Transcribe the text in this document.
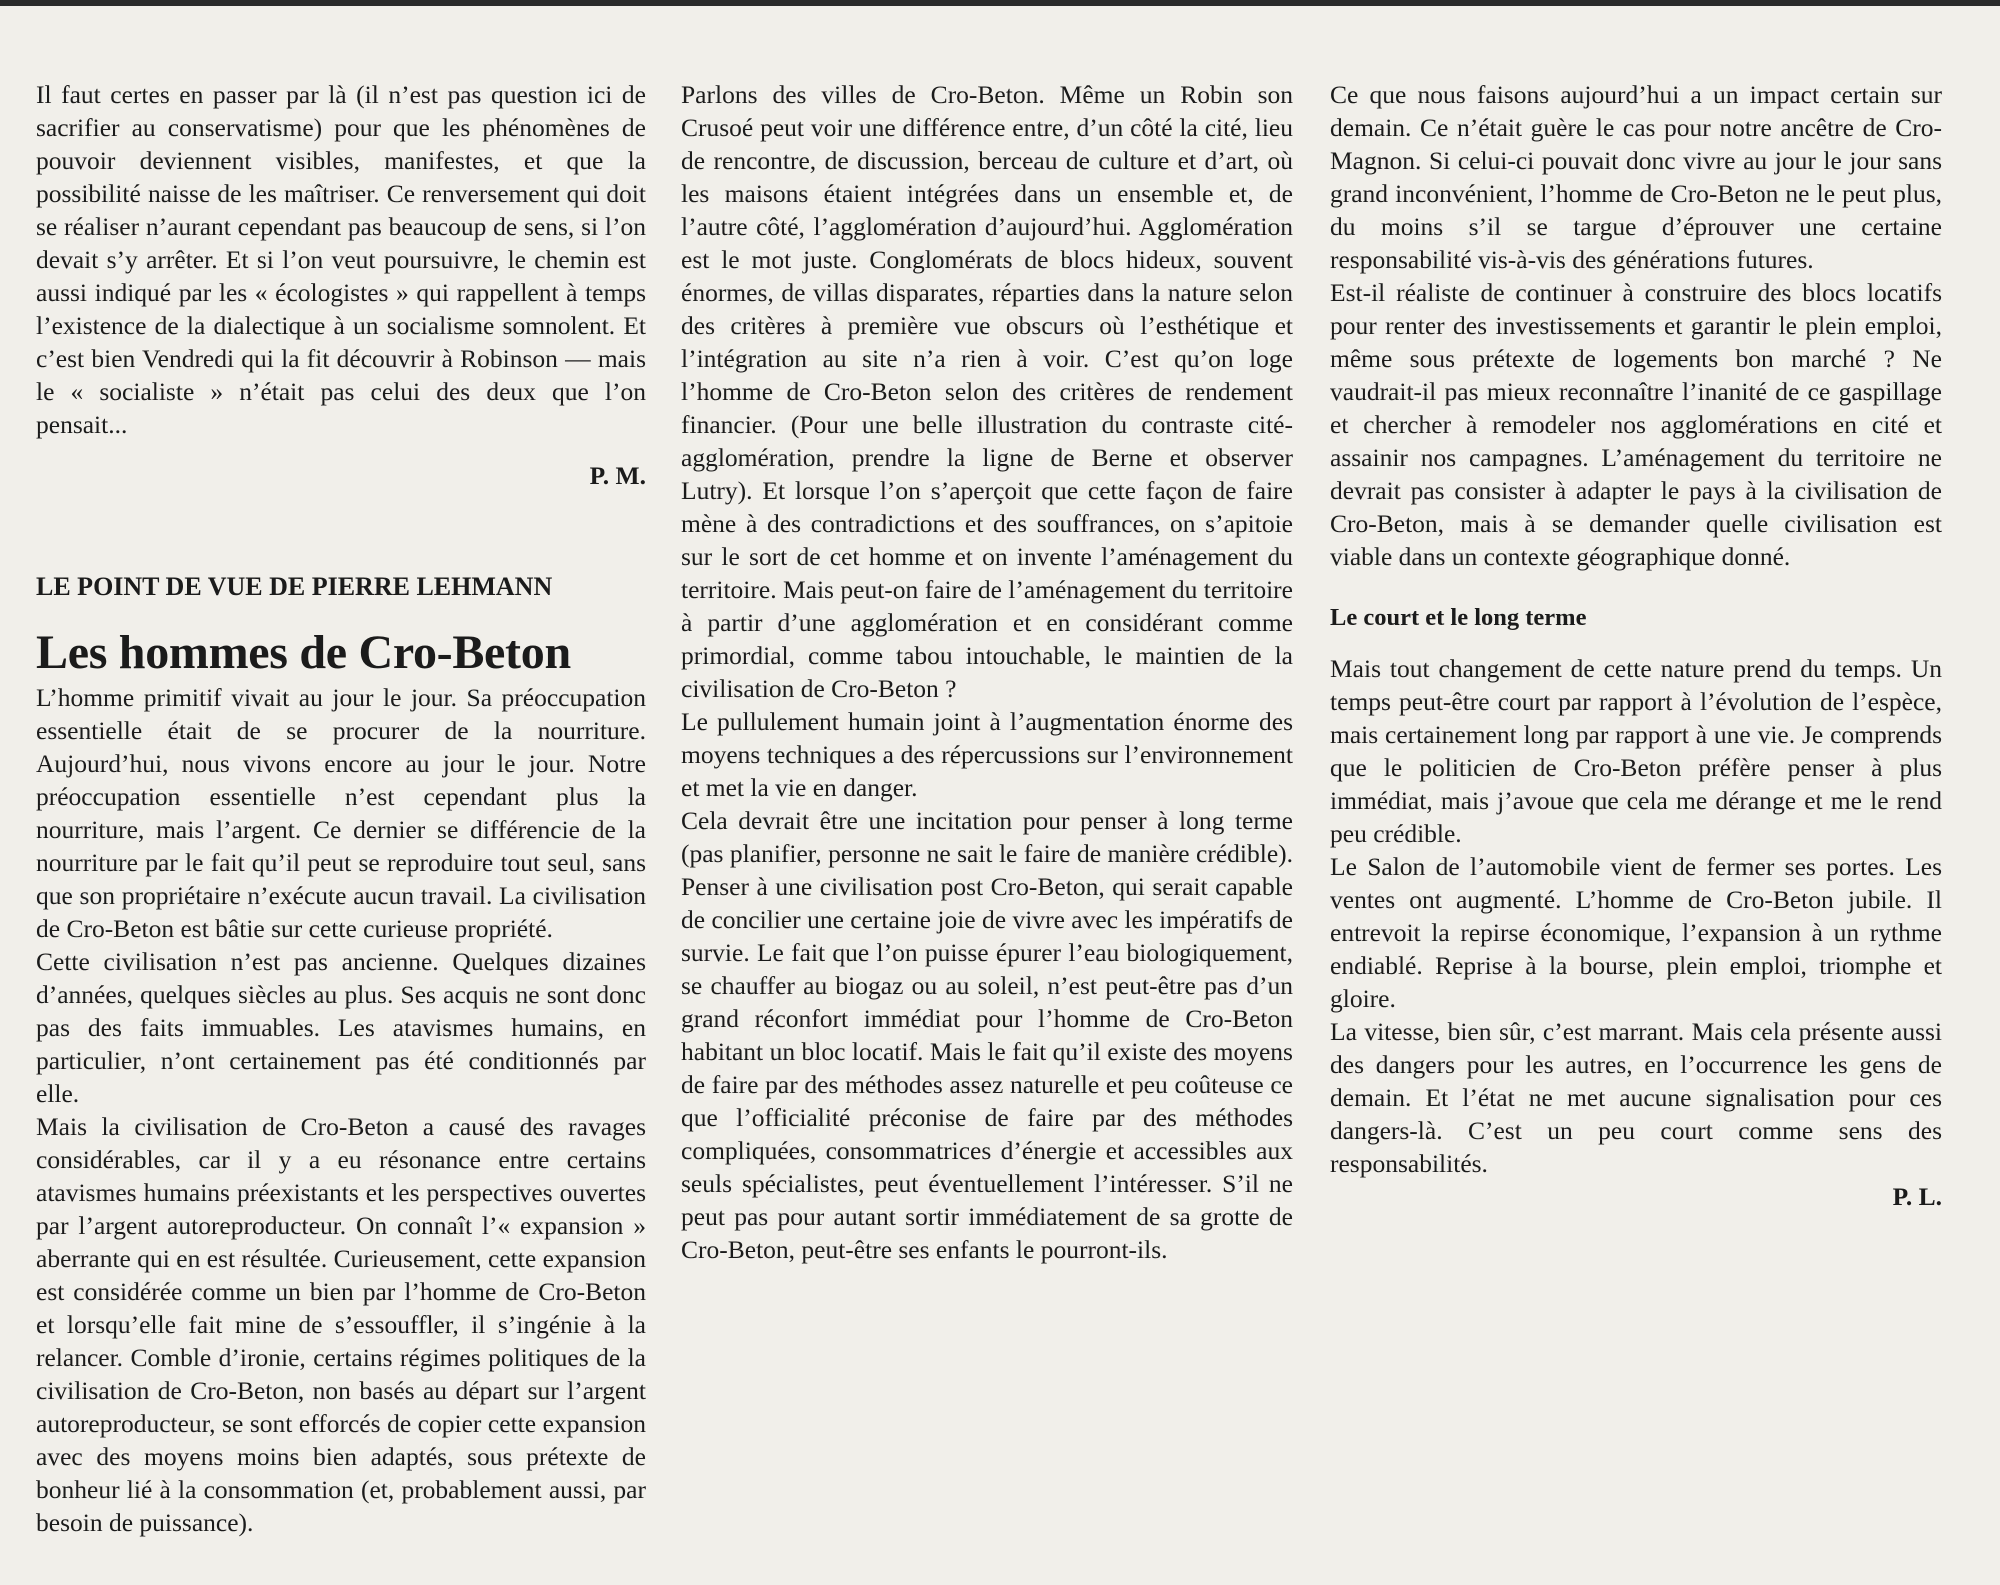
Il faut certes en passer par là (il n’est pas question ici de sacrifier au conservatisme) pour que les phénomènes de pouvoir deviennent visibles, manifestes, et que la possibilité naisse de les maîtriser. Ce renversement qui doit se réaliser n’aurant cependant pas beaucoup de sens, si l’on devait s’y arrêter. Et si l’on veut poursuivre, le chemin est aussi indiqué par les « écologistes » qui rappellent à temps l’existence de la dialectique à un socialisme somnolent. Et c’est bien Vendredi qui la fit découvrir à Robinson — mais le « socialiste » n’était pas celui des deux que l’on pensait...

P. M.

LE POINT DE VUE DE PIERRE LEHMANN

Les hommes de Cro-Beton

L’homme primitif vivait au jour le jour. Sa préoccupation essentielle était de se procurer de la nourriture. Aujourd’hui, nous vivons encore au jour le jour. Notre préoccupation essentielle n’est cependant plus la nourriture, mais l’argent. Ce dernier se différencie de la nourriture par le fait qu’il peut se reproduire tout seul, sans que son propriétaire n’exécute aucun travail. La civilisation de Cro-Beton est bâtie sur cette curieuse propriété.

Cette civilisation n’est pas ancienne. Quelques dizaines d’années, quelques siècles au plus. Ses acquis ne sont donc pas des faits immuables. Les atavismes humains, en particulier, n’ont certainement pas été conditionnés par elle.

Mais la civilisation de Cro-Beton a causé des ravages considérables, car il y a eu résonance entre certains atavismes humains préexistants et les perspectives ouvertes par l’argent autoreproducteur. On connaît l’« expansion » aberrante qui en est résultée. Curieusement, cette expansion est considérée comme un bien par l’homme de Cro-Beton et lorsqu’elle fait mine de s’essouffler, il s’ingénie à la relancer. Comble d’ironie, certains régimes politiques de la civilisation de Cro-Beton, non basés au départ sur l’argent autoreproducteur, se sont efforcés de copier cette expansion avec des moyens moins bien adaptés, sous prétexte de bonheur lié à la consommation (et, probablement aussi, par besoin de puissance).

Parlons des villes de Cro-Beton. Même un Robin son Crusoé peut voir une différence entre, d’un côté la cité, lieu de rencontre, de discussion, berceau de culture et d’art, où les maisons étaient intégrées dans un ensemble et, de l’autre côté, l’agglomération d’aujourd’hui. Agglomération est le mot juste. Conglomérats de blocs hideux, souvent énormes, de villas disparates, réparties dans la nature selon des critères à première vue obscurs où l’esthétique et l’intégration au site n’a rien à voir. C’est qu’on loge l’homme de Cro-Beton selon des critères de rendement financier. (Pour une belle illustration du contraste cité-agglomération, prendre la ligne de Berne et observer Lutry). Et lorsque l’on s’aperçoit que cette façon de faire mène à des contradictions et des souffrances, on s’apitoie sur le sort de cet homme et on invente l’aménagement du territoire. Mais peut-on faire de l’aménagement du territoire à partir d’une agglomération et en considérant comme primordial, comme tabou intouchable, le maintien de la civilisation de Cro-Beton ?

Le pullulement humain joint à l’augmentation énorme des moyens techniques a des répercussions sur l’environnement et met la vie en danger.

Cela devrait être une incitation pour penser à long terme (pas planifier, personne ne sait le faire de manière crédible). Penser à une civilisation post Cro-Beton, qui serait capable de concilier une certaine joie de vivre avec les impératifs de survie. Le fait que l’on puisse épurer l’eau biologiquement, se chauffer au biogaz ou au soleil, n’est peut-être pas d’un grand réconfort immédiat pour l’homme de Cro-Beton habitant un bloc locatif. Mais le fait qu’il existe des moyens de faire par des méthodes assez naturelle et peu coûteuse ce que l’officialité préconise de faire par des méthodes compliquées, consommatrices d’énergie et accessibles aux seuls spécialistes, peut éventuellement l’intéresser. S’il ne peut pas pour autant sortir immédiatement de sa grotte de Cro-Beton, peut-être ses enfants le pourront-ils.

Ce que nous faisons aujourd’hui a un impact certain sur demain. Ce n’était guère le cas pour notre ancêtre de Cro-Magnon. Si celui-ci pouvait donc vivre au jour le jour sans grand inconvénient, l’homme de Cro-Beton ne le peut plus, du moins s’il se targue d’éprouver une certaine responsabilité vis-à-vis des générations futures.

Est-il réaliste de continuer à construire des blocs locatifs pour renter des investissements et garantir le plein emploi, même sous prétexte de logements bon marché ? Ne vaudrait-il pas mieux reconnaître l’inanité de ce gaspillage et chercher à remodeler nos agglomérations en cité et assainir nos campagnes. L’aménagement du territoire ne devrait pas consister à adapter le pays à la civilisation de Cro-Beton, mais à se demander quelle civilisation est viable dans un contexte géographique donné.

Le court et le long terme

Mais tout changement de cette nature prend du temps. Un temps peut-être court par rapport à l’évolution de l’espèce, mais certainement long par rapport à une vie. Je comprends que le politicien de Cro-Beton préfère penser à plus immédiat, mais j’avoue que cela me dérange et me le rend peu crédible.

Le Salon de l’automobile vient de fermer ses portes. Les ventes ont augmenté. L’homme de Cro-Beton jubile. Il entrevoit la repirse économique, l’expansion à un rythme endiablé. Reprise à la bourse, plein emploi, triomphe et gloire.

La vitesse, bien sûr, c’est marrant. Mais cela présente aussi des dangers pour les autres, en l’occurrence les gens de demain. Et l’état ne met aucune signalisation pour ces dangers-là. C’est un peu court comme sens des responsabilités.

P. L.
